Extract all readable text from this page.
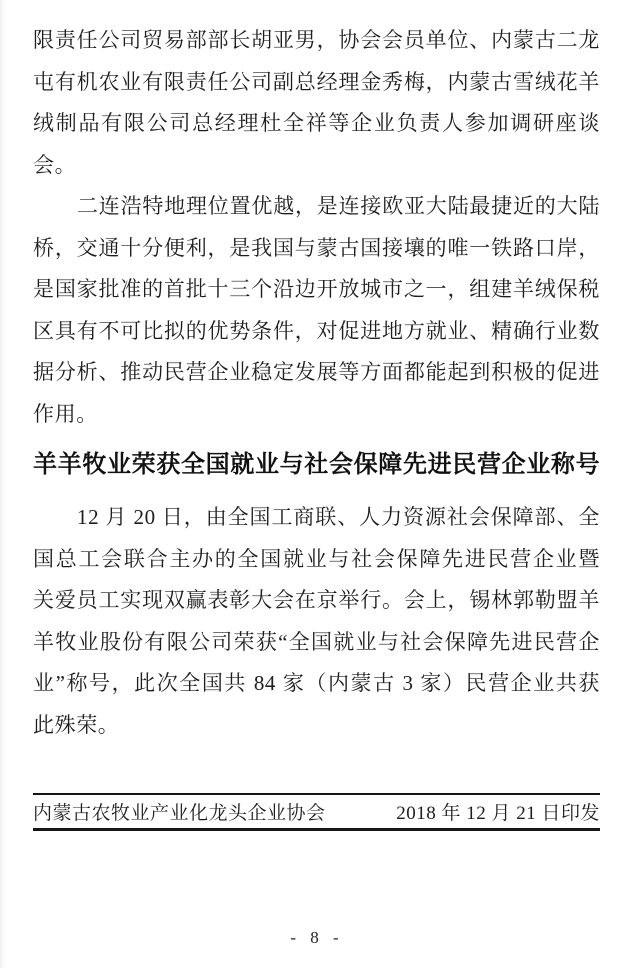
限责任公司贸易部部长胡亚男，协会会员单位、内蒙古二龙
屯有机农业有限责任公司副总经理金秀梅，内蒙古雪绒花羊
绒制品有限公司总经理杜全祥等企业负责人参加调研座谈
会。
二连浩特地理位置优越，是连接欧亚大陆最捷近的大陆
桥，交通十分便利，是我国与蒙古国接壤的唯一铁路口岸，
是国家批准的首批十三个沿边开放城市之一，组建羊绒保税
区具有不可比拟的优势条件，对促进地方就业、精确行业数
据分析、推动民营企业稳定发展等方面都能起到积极的促进
作用。
羊羊牧业荣获全国就业与社会保障先进民营企业称号
12 月 20 日，由全国工商联、人力资源社会保障部、全
国总工会联合主办的全国就业与社会保障先进民营企业暨
关爱员工实现双赢表彰大会在京举行。会上，锡林郭勒盟羊
羊牧业股份有限公司荣获“全国就业与社会保障先进民营企
业”称号，此次全国共 84 家（内蒙古 3 家）民营企业共获
此殊荣。
内蒙古农牧业产业化龙头企业协会	2018 年 12 月 21 日印发
- 8 -
